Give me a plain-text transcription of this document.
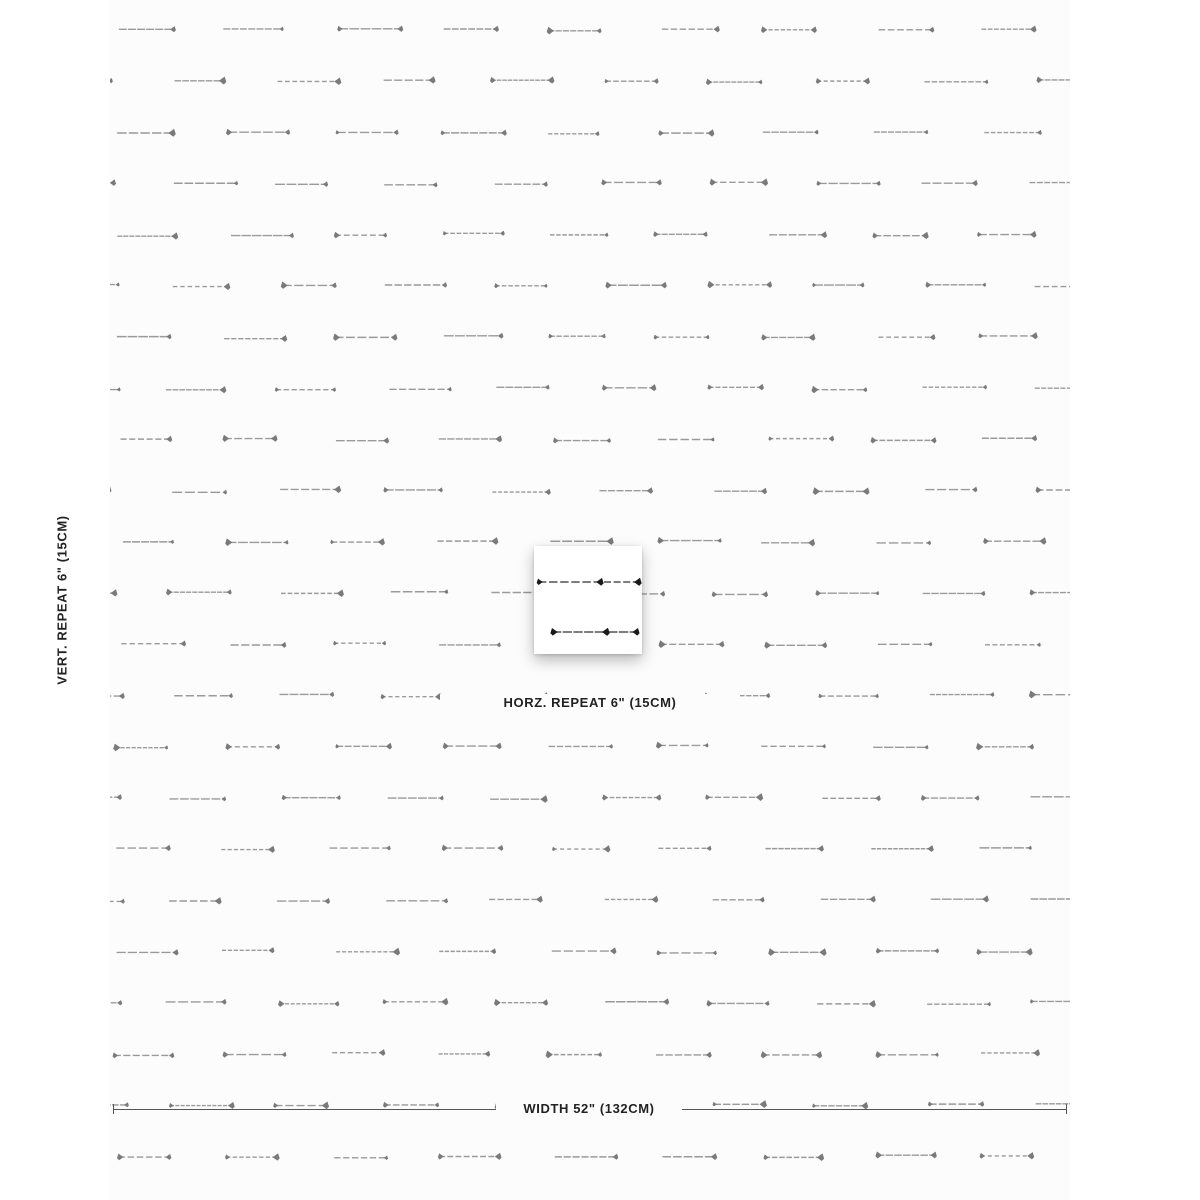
HORZ. REPEAT 6" (15CM)
VERT. REPEAT 6" (15CM)
WIDTH 52" (132CM)
